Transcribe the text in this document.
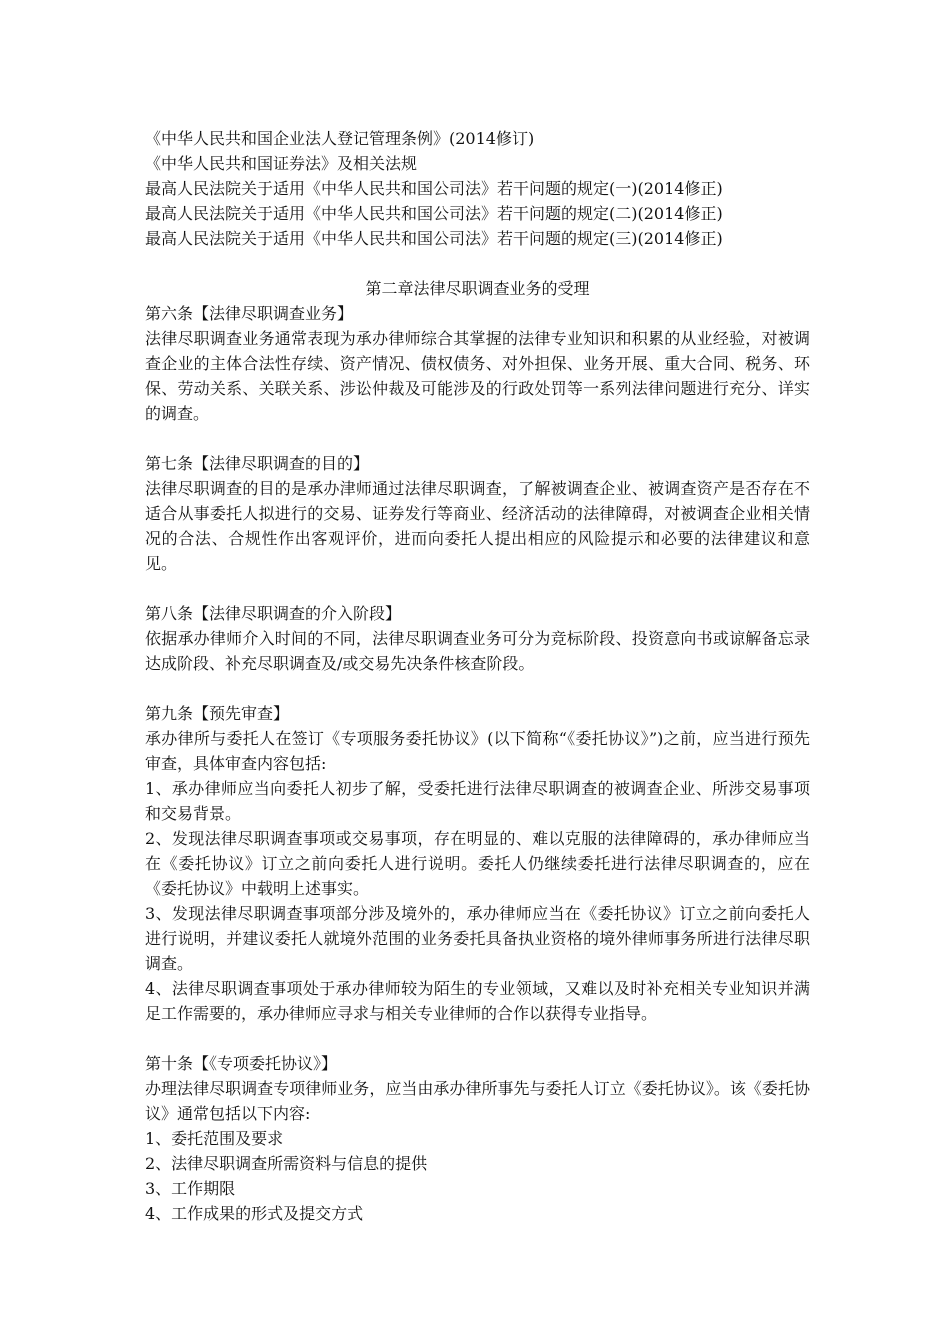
《中华人民共和国企业法人登记管理条例》(2014修订)
《中华人民共和国证券法》及相关法规
最高人民法院关于适用《中华人民共和国公司法》若干问题的规定(一)(2014修正)
最高人民法院关于适用《中华人民共和国公司法》若干问题的规定(二)(2014修正)
最高人民法院关于适用《中华人民共和国公司法》若干问题的规定(三)(2014修正)
第二章法律尽职调查业务的受理
第六条【法律尽职调查业务】
法律尽职调查业务通常表现为承办律师综合其掌握的法律专业知识和积累的从业经验，对被调查企业的主体合法性存续、资产情况、债权债务、对外担保、业务开展、重大合同、税务、环保、劳动关系、关联关系、涉讼仲裁及可能涉及的行政处罚等一系列法律问题进行充分、详实的调查。
第七条【法律尽职调查的目的】
法律尽职调查的目的是承办津师通过法律尽职调查，了解被调查企业、被调查资产是否存在不适合从事委托人拟进行的交易、证券发行等商业、经济活动的法律障碍，对被调查企业相关情况的合法、合规性作出客观评价，进而向委托人提出相应的风险提示和必要的法律建议和意见。
第八条【法律尽职调查的介入阶段】
依据承办律师介入时间的不同，法律尽职调查业务可分为竞标阶段、投资意向书或谅解备忘录达成阶段、补充尽职调查及/或交易先决条件核查阶段。
第九条【预先审查】
承办律所与委托人在签订《专项服务委托协议》(以下简称“《委托协议》”)之前，应当进行预先审查，具体审查内容包括:
1、承办律师应当向委托人初步了解，受委托进行法律尽职调查的被调查企业、所涉交易事项和交易背景。
2、发现法律尽职调查事项或交易事项，存在明显的、难以克服的法律障碍的，承办律师应当在《委托协议》订立之前向委托人进行说明。委托人仍继续委托进行法律尽职调查的，应在《委托协议》中载明上述事实。
3、发现法律尽职调查事项部分涉及境外的，承办律师应当在《委托协议》订立之前向委托人进行说明，并建议委托人就境外范围的业务委托具备执业资格的境外律师事务所进行法律尽职调查。
4、法律尽职调查事项处于承办律师较为陌生的专业领域，又难以及时补充相关专业知识并满足工作需要的，承办律师应寻求与相关专业律师的合作以获得专业指导。
第十条【《专项委托协议》】
办理法律尽职调查专项律师业务，应当由承办律所事先与委托人订立《委托协议》。该《委托协议》通常包括以下内容:
1、委托范围及要求
2、法律尽职调查所需资料与信息的提供
3、工作期限
4、工作成果的形式及提交方式
